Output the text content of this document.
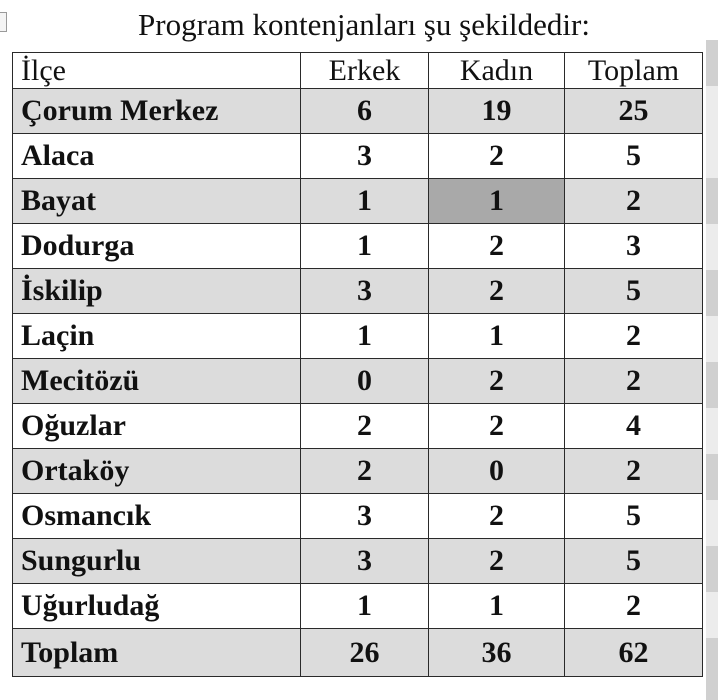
Program kontenjanları şu şekildedir:
İlçe	Erkek	Kadın	Toplam
Çorum Merkez	6	19	25
Alaca	3	2	5
Bayat	1	1	2
Dodurga	1	2	3
İskilip	3	2	5
Laçin	1	1	2
Mecitözü	0	2	2
Oğuzlar	2	2	4
Ortaköy	2	0	2
Osmancık	3	2	5
Sungurlu	3	2	5
Uğurludağ	1	1	2
Toplam	26	36	62
